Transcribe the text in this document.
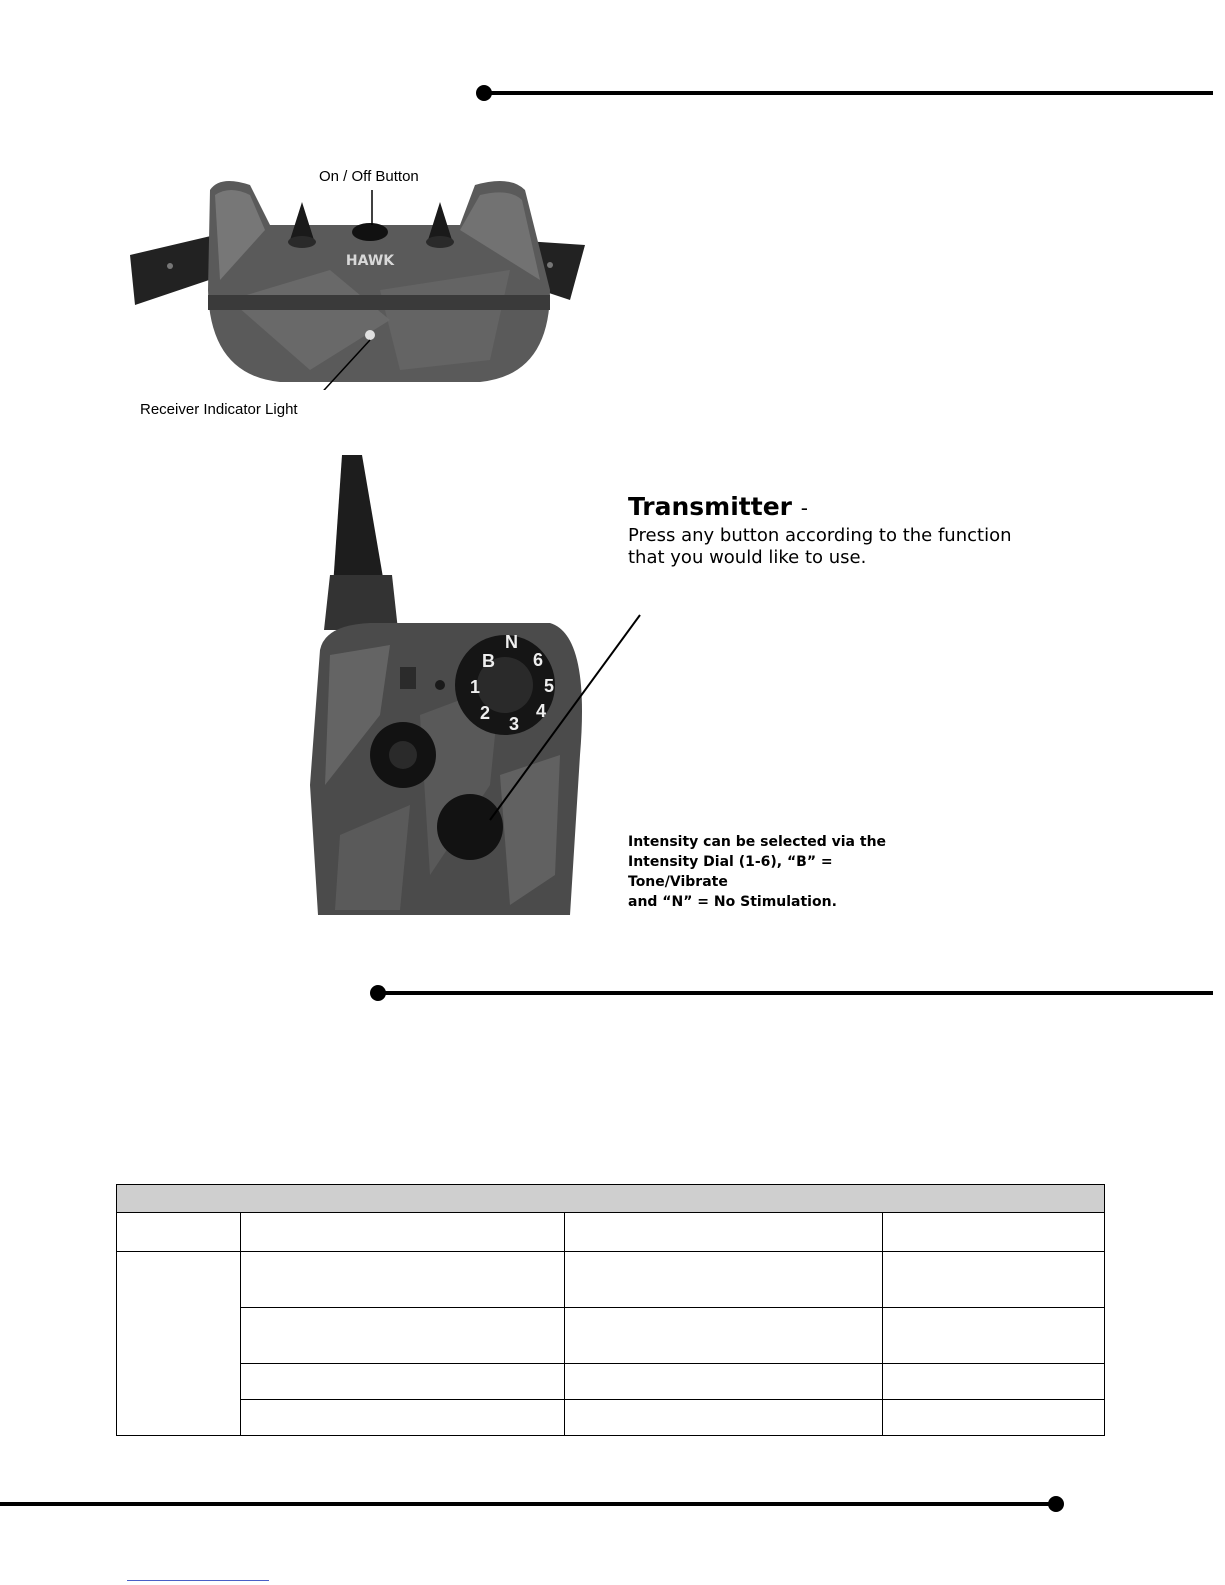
HAWK
On / Off Button
Receiver Indicator Light
N
6
5
4
3
2
1
B
Transmitter -
Press any button according to the function that you would like to use.
Intensity can be selected via the
Intensity Dial (1-6), “B” = Tone/Vibrate
and “N” = No Stimulation.
